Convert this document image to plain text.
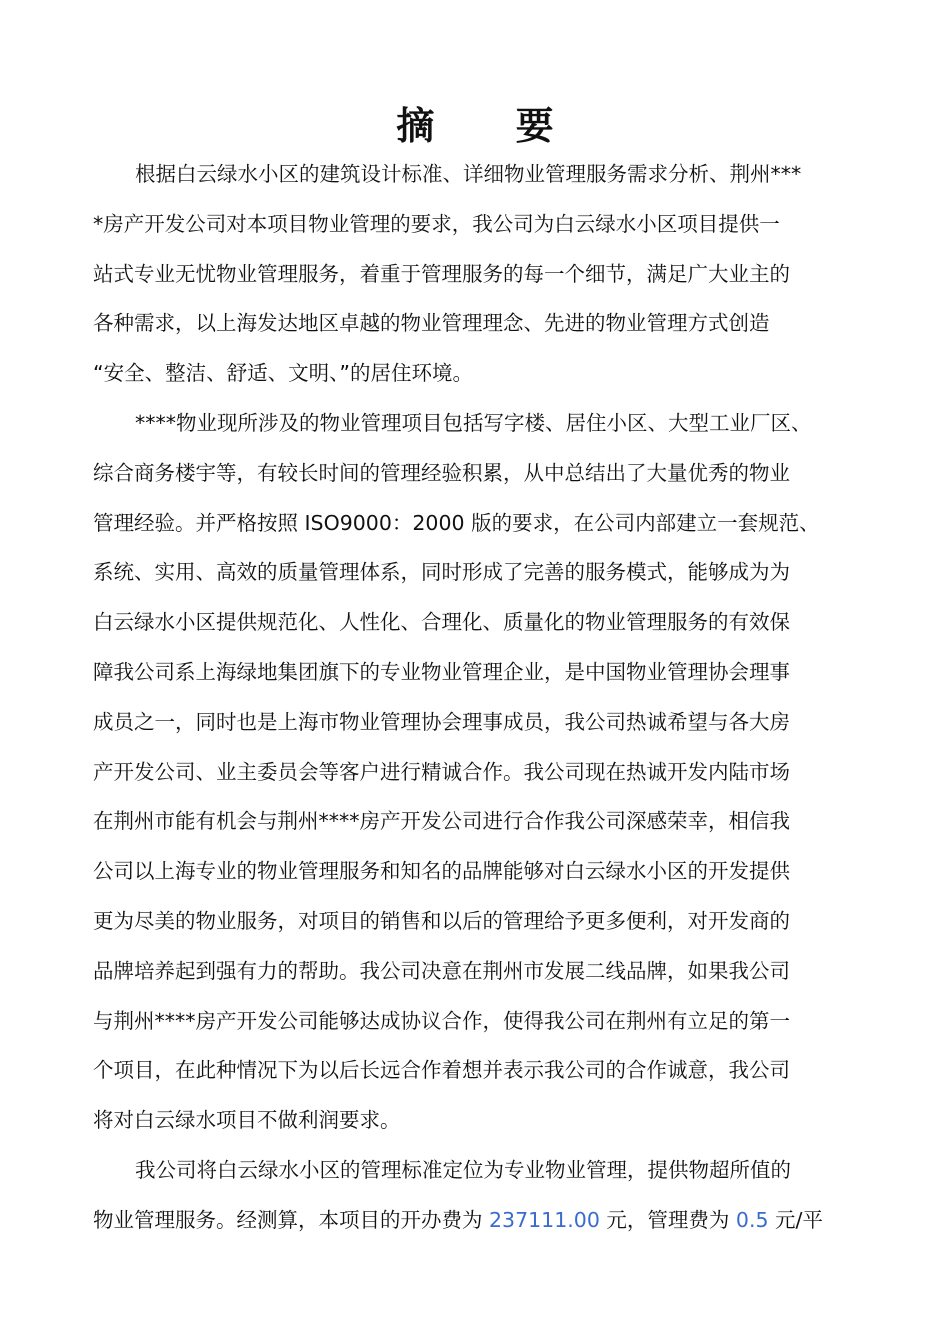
摘 要

根据白云绿水小区的建筑设计标准、详细物业管理服务需求分析、荆州***
*房产开发公司对本项目物业管理的要求，我公司为白云绿水小区项目提供一
站式专业无忧物业管理服务，着重于管理服务的每一个细节，满足广大业主的
各种需求，以上海发达地区卓越的物业管理理念、先进的物业管理方式创造
“安全、整洁、舒适、文明、”的居住环境。

****物业现所涉及的物业管理项目包括写字楼、居住小区、大型工业厂区、
综合商务楼宇等，有较长时间的管理经验积累，从中总结出了大量优秀的物业
管理经验。并严格按照 ISO9000：2000 版的要求，在公司内部建立一套规范、
系统、实用、高效的质量管理体系，同时形成了完善的服务模式，能够成为为
白云绿水小区提供规范化、人性化、合理化、质量化的物业管理服务的有效保
障我公司系上海绿地集团旗下的专业物业管理企业，是中国物业管理协会理事
成员之一，同时也是上海市物业管理协会理事成员，我公司热诚希望与各大房
产开发公司、业主委员会等客户进行精诚合作。我公司现在热诚开发内陆市场
在荆州市能有机会与荆州****房产开发公司进行合作我公司深感荣幸，相信我
公司以上海专业的物业管理服务和知名的品牌能够对白云绿水小区的开发提供
更为尽美的物业服务，对项目的销售和以后的管理给予更多便利，对开发商的
品牌培养起到强有力的帮助。我公司决意在荆州市发展二线品牌，如果我公司
与荆州****房产开发公司能够达成协议合作，使得我公司在荆州有立足的第一
个项目，在此种情况下为以后长远合作着想并表示我公司的合作诚意，我公司
将对白云绿水项目不做利润要求。

我公司将白云绿水小区的管理标准定位为专业物业管理，提供物超所值的
物业管理服务。经测算，本项目的开办费为 237111.00 元，管理费为 0.5 元/平
